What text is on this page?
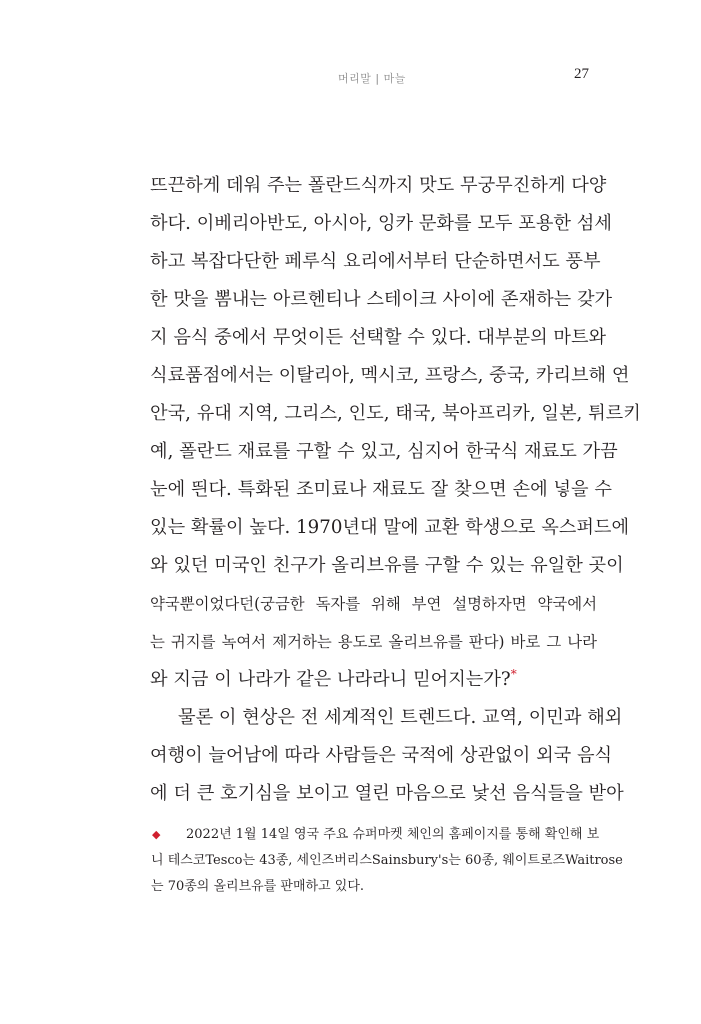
머리말 | 마늘	27
뜨끈하게 데워 주는 폴란드식까지 맛도 무궁무진하게 다양
하다. 이베리아반도, 아시아, 잉카 문화를 모두 포용한 섬세
하고 복잡다단한 페루식 요리에서부터 단순하면서도 풍부
한 맛을 뽐내는 아르헨티나 스테이크 사이에 존재하는 갖가
지 음식 중에서 무엇이든 선택할 수 있다. 대부분의 마트와
식료품점에서는 이탈리아, 멕시코, 프랑스, 중국, 카리브해 연
안국, 유대 지역, 그리스, 인도, 태국, 북아프리카, 일본, 튀르키
예, 폴란드 재료를 구할 수 있고, 심지어 한국식 재료도 가끔
눈에 띈다. 특화된 조미료나 재료도 잘 찾으면 손에 넣을 수
있는 확률이 높다. 1970년대 말에 교환 학생으로 옥스퍼드에
와 있던 미국인 친구가 올리브유를 구할 수 있는 유일한 곳이
약국뿐이었다던(궁금한 독자를 위해 부연 설명하자면 약국에서
는 귀지를 녹여서 제거하는 용도로 올리브유를 판다) 바로 그 나라
와 지금 이 나라가 같은 나라라니 믿어지는가?*
물론 이 현상은 전 세계적인 트렌드다. 교역, 이민과 해외
여행이 늘어남에 따라 사람들은 국적에 상관없이 외국 음식
에 더 큰 호기심을 보이고 열린 마음으로 낯선 음식들을 받아
◆ 2022년 1월 14일 영국 주요 슈퍼마켓 체인의 홈페이지를 통해 확인해 보
니 테스코Tesco는 43종, 세인즈버리스Sainsbury's는 60종, 웨이트로즈Waitrose
는 70종의 올리브유를 판매하고 있다.
